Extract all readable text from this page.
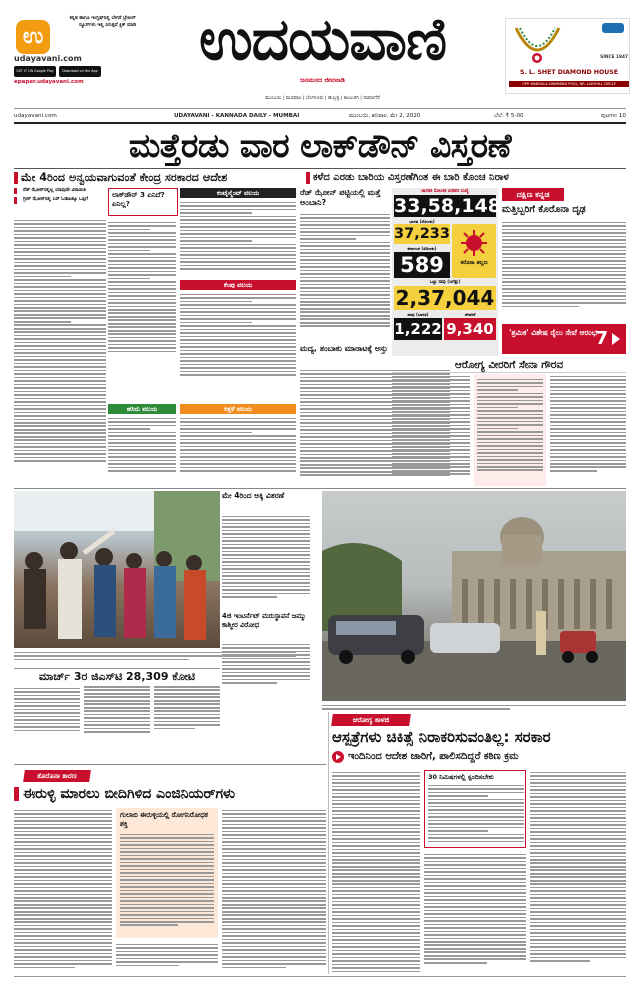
ಉ
ಕನ್ನಡ ಹಾಗೂ ಇಂಗ್ಲಿಷ್‌ನಲ್ಲಿ ಬೇಗನೆ ಬ್ರೇಕಿಂಗ್ ನ್ಯೂಸ್‌ಗಳು ಇಲ್ಲಿ ಸಿಗುತ್ತವೆ ಕ್ಲಿಕ್ ಮಾಡಿ
udayavani.com
GET IT ON Google Play	Download on the App
epaper.udayavani.com
ಉದಯವಾಣಿ
ಜನಮನದ ಜೀವನಾಡಿ
ಮುಂಬಯಿ | ಮಣಿಪಾಲ | ಬೆಂಗಳೂರು | ಹುಬ್ಬಳ್ಳಿ | ಕಲಬುರಗಿ | ದಾವಣಗೆರೆ
SINCE 1947
S. L. SHET DIAMOND HOUSE
OPP. MANGALA SWIMMING POOL, NR. LADYHILL CIRCLE
udayavani.com	UDAYAVANI - KANNADA DAILY - MUMBAI	ಮುಂಬಯಿ, ಶನಿವಾರ, ಮೇ 2, 2020	ಬೆಲೆ: ₹ 5-00	ಪುಟಗಳು 10
ಮತ್ತೆರಡು ವಾರ ಲಾಕ್‌ಡೌನ್ ವಿಸ್ತರಣೆ
ಮೇ 4ರಿಂದ ಅನ್ವಯವಾಗುವಂತೆ ಕೇಂದ್ರ ಸರಕಾರದ ಆದೇಶ	ಕಳೆದ ಎರಡು ಬಾರಿಯ ವಿಸ್ತರಣೆಗಿಂತ ಈ ಬಾರಿ ಕೊಂಚ ನಿರಾಳ
ರೆಡ್ ಝೋನ್‌ನಲ್ಲಿಲ್ಲ ಯಾವುದೇ ವಿನಾಯಿತಿ
ಗ್ರೀನ್ ಝೋನ್‌ನಲ್ಲಿ ಬಸ್ ಓಡಾಟಕ್ಕೂ ಒಪ್ಪಿಗೆ
ಲಾಕ್‌ಡೌನ್ 3 ಏನಿದೆ? ಏನಿಲ್ಲ?
ಕಂಟೈನ್ಮೆಂಟ್ ವಲಯ
ಕೆಂಪು ವಲಯ
ಹಸಿರು ವಲಯ	ಕಿತ್ತಳೆ ವಲಯ
ರೆಡ್ ಝೋನ್ ಪಟ್ಟಿಯಲ್ಲಿ ಮತ್ತೆ ಅಂಬಾನಿ?
ಮದ್ಯ, ತಂಬಾಕು ಮಾರಾಟಕ್ಕೆ ಅಸ್ತು
ಜಾಗತಿಕ ಸೋಂಕಿತ ಪೀಡಿತರ ಸಂಖ್ಯೆ
33,58,148
ಭಾರತ (ಸೋಂಕು)
37,233
ಕರ್ನಾಟಕ (ಸೋಂಕು)
589	ಕರೊನಾ ತಲ್ಲಣ
ಒಟ್ಟು ಸಾವು (ಜಗತ್ತು)
2,37,044
ಸಾವು (ಭಾರತ)
1,222
ಚೇತರಿಕೆ
9,340
ದಕ್ಷಿಣ ಕನ್ನಡ
ಮತ್ತಿಬ್ಬರಿಗೆ ಕೊರೊನಾ ದೃಢ
'ಶ್ರಮಿಕ' ವಿಶೇಷ ರೈಲು ಸೇವೆ ಆರಂಭ
7
ಆರೋಗ್ಯ ವೀರರಿಗೆ ಸೇನಾ ಗೌರವ
ಮೇ 4ರಿಂದ ಅಕ್ಕಿ ವಿತರಣೆ
4ಜಿ ಇಂಟರ್ನೆಟ್ ಮರುಸ್ಥಾಪನೆ ಜಮ್ಮು ಕಾಶ್ಮೀರ ವಿರೋಧ
ಮಾರ್ಚ್ 3ರ ಜಿಎಸ್‌ಟಿ 28,309 ಕೋಟಿ
ಆರೋಗ್ಯ ಕಾಳಜಿ
ಆಸ್ಪತ್ರೆಗಳು ಚಿಕಿತ್ಸೆ ನಿರಾಕರಿಸುವಂತಿಲ್ಲ: ಸರಕಾರ
ಇಂದಿನಿಂದ ಆದೇಶ ಜಾರಿಗೆ, ಪಾಲಿಸದಿದ್ದರೆ ಕಠಿಣ ಕ್ರಮ
30 ನಿಮಿಷಗಳಲ್ಲಿ ಸ್ಪಂದಿಸಬೇಕು
ಕೊರೊನಾ ಕಾರಣ
ಈರುಳ್ಳಿ ಮಾರಲು ಬೀದಿಗಿಳಿದ ಎಂಜಿನಿಯರ್‌ಗಳು
ಗುಲಾಬಿ ಈರುಳ್ಳಿಯಲ್ಲಿ ರೋಗನಿರೋಧಕ ಶಕ್ತಿ
